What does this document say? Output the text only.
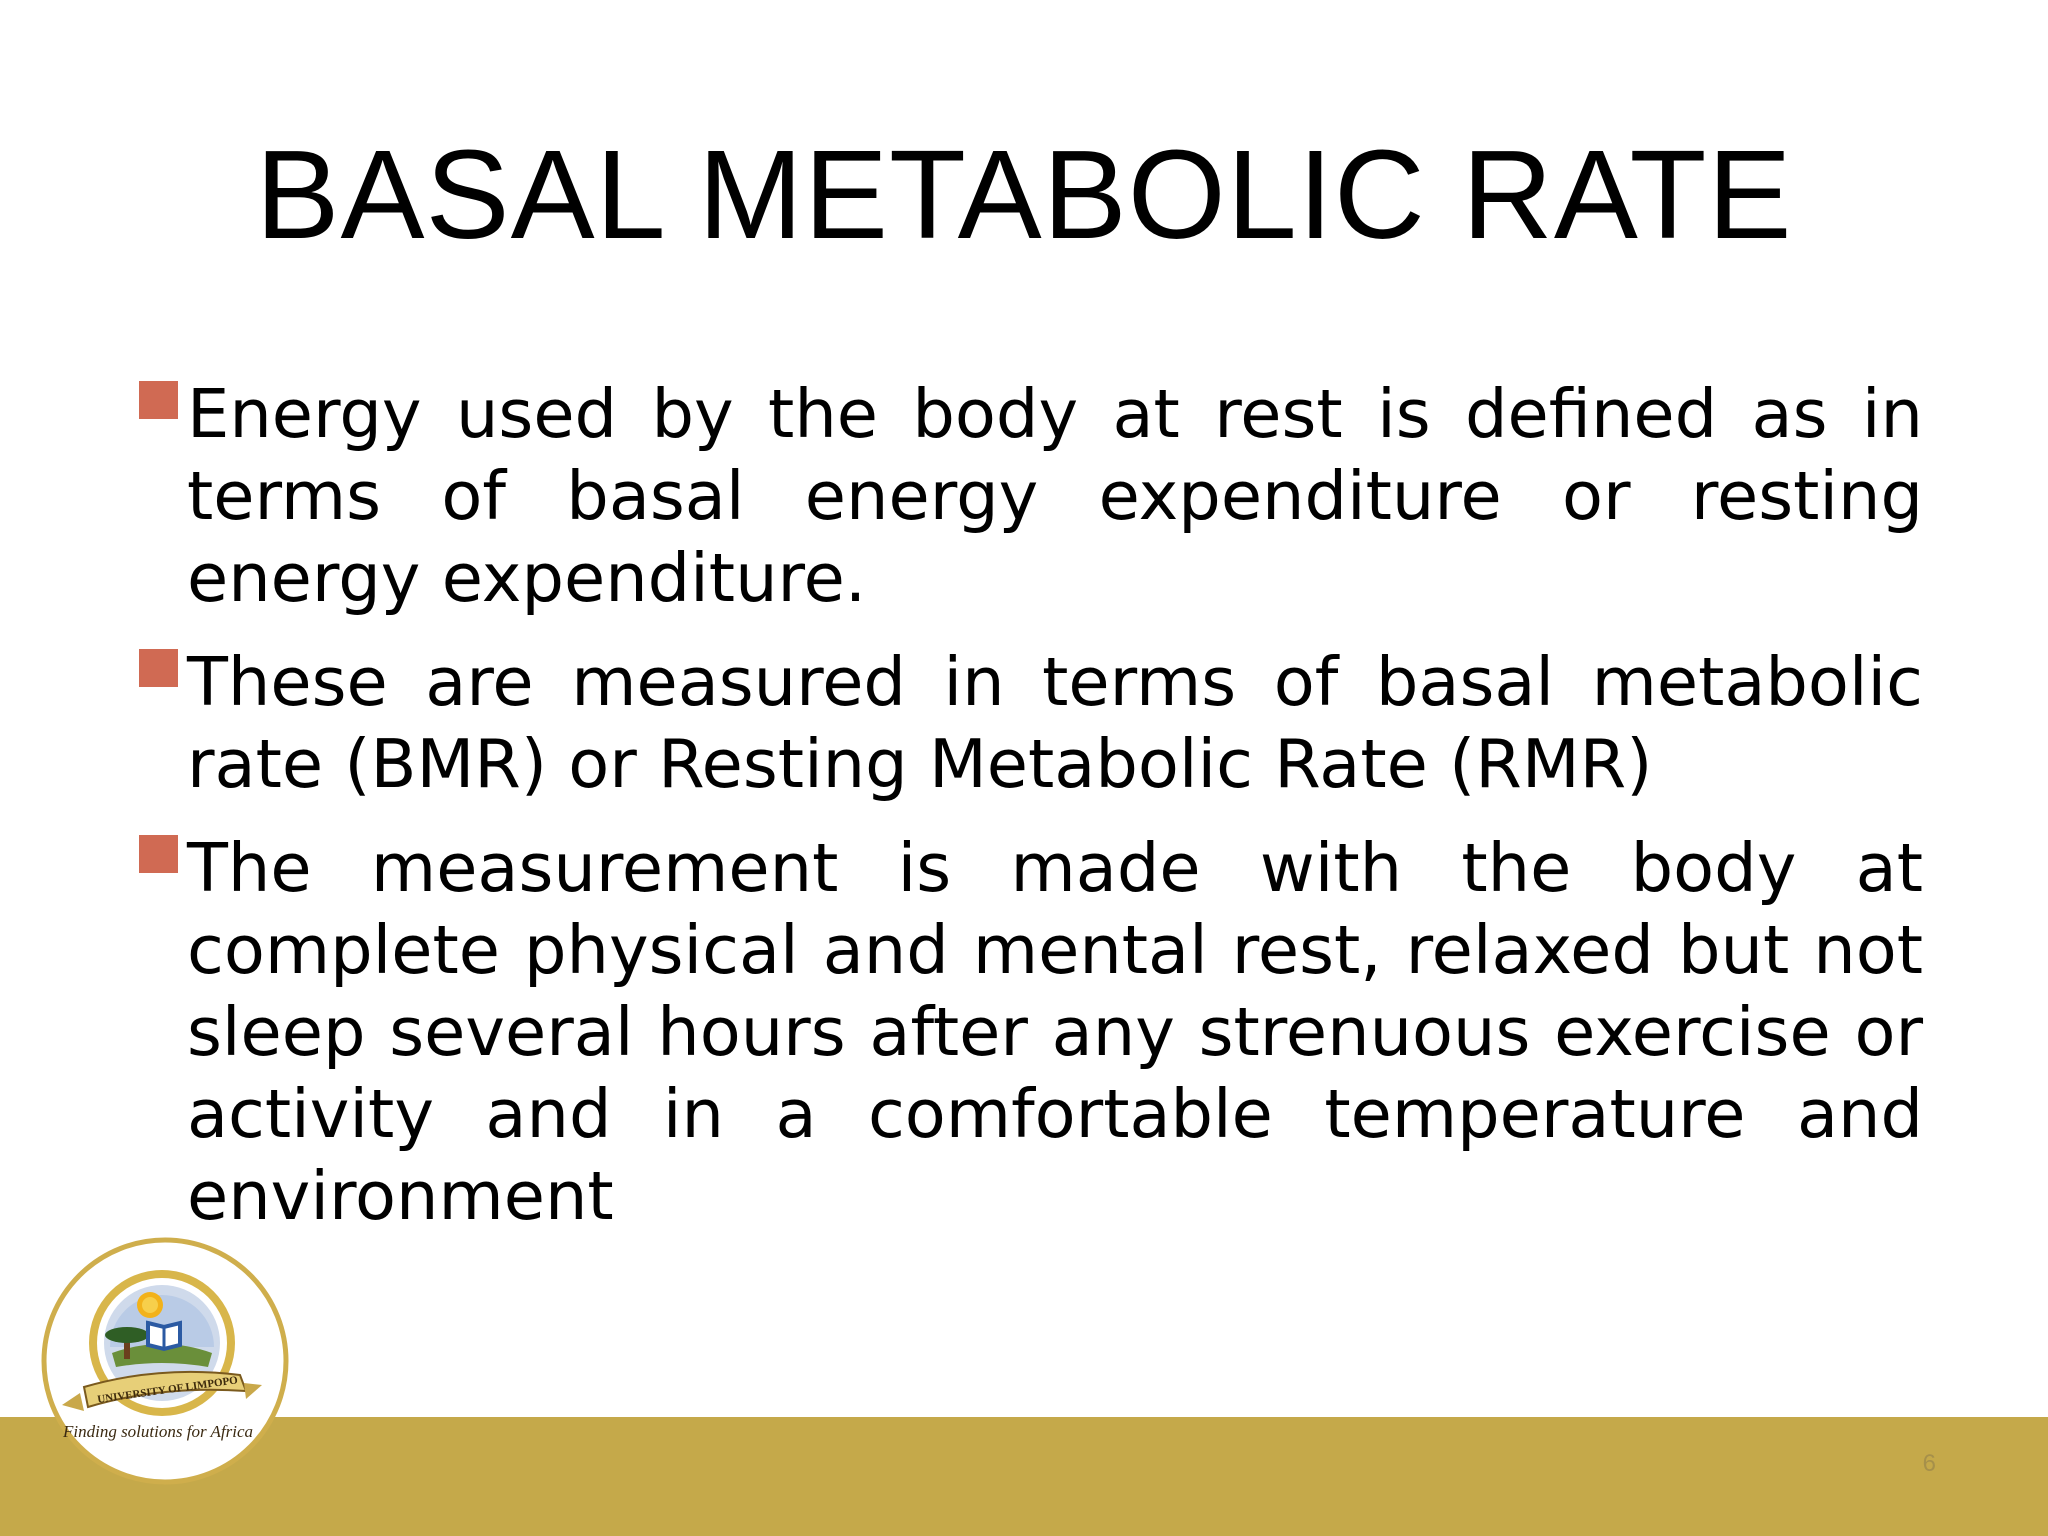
BASAL METABOLIC RATE
Energy used by the body at rest is defined as in terms of basal energy expenditure or resting energy expenditure.
These are measured in terms of basal metabolic rate (BMR) or Resting Metabolic Rate (RMR)
The measurement is made with the body at complete physical and mental rest, relaxed but not sleep several hours after any strenuous exercise or activity and in a comfortable temperature and environment
6
UNIVERSITY OF LIMPOPO
Finding solutions for Africa
